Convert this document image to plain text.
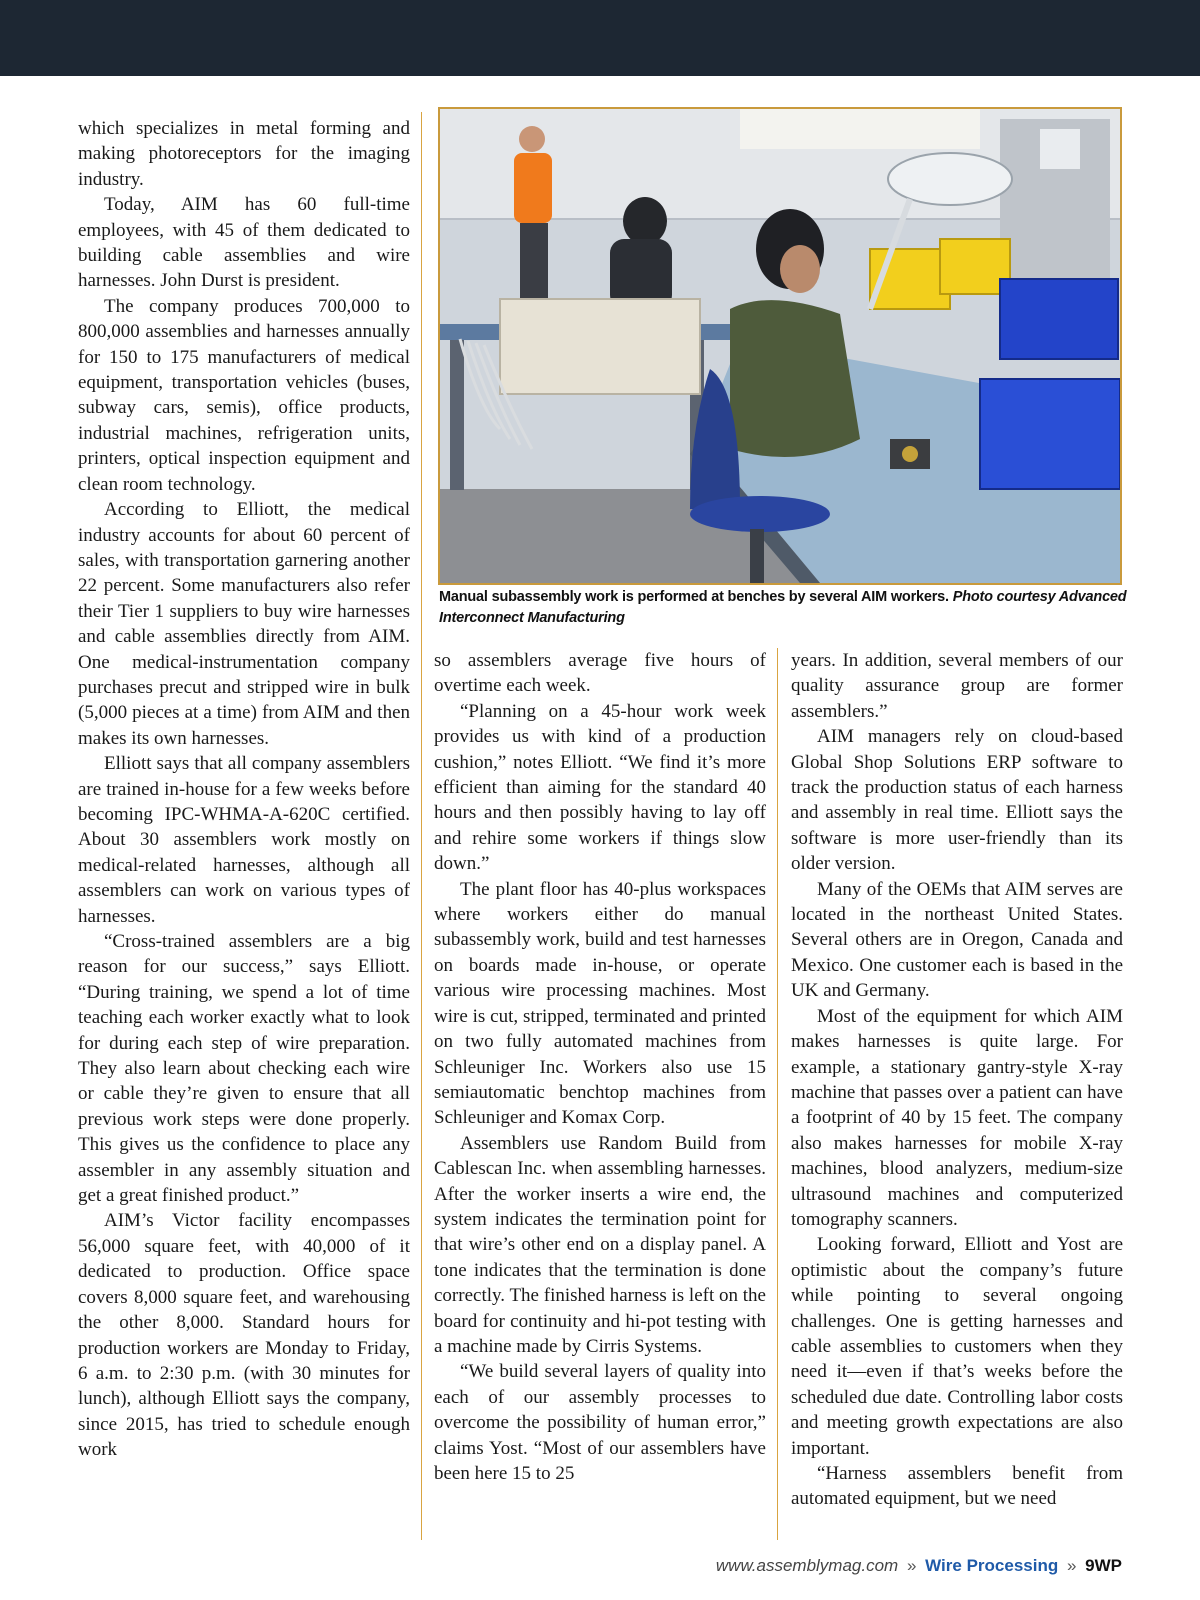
which specializes in metal forming and making photoreceptors for the imaging industry.

Today, AIM has 60 full-time employees, with 45 of them dedicated to building cable assemblies and wire harnesses. John Durst is president.

The company produces 700,000 to 800,000 assemblies and harnesses annually for 150 to 175 manufacturers of medical equipment, transportation vehicles (buses, subway cars, semis), office products, industrial machines, refrigeration units, printers, optical inspection equipment and clean room technology.

According to Elliott, the medical industry accounts for about 60 percent of sales, with transportation garnering another 22 percent. Some manufacturers also refer their Tier 1 suppliers to buy wire harnesses and cable assemblies directly from AIM. One medical-instrumentation company purchases precut and stripped wire in bulk (5,000 pieces at a time) from AIM and then makes its own harnesses.

Elliott says that all company assemblers are trained in-house for a few weeks before becoming IPC-WHMA-A-620C certified. About 30 assemblers work mostly on medical-related harnesses, although all assemblers can work on various types of harnesses.

“Cross-trained assemblers are a big reason for our success,” says Elliott. “During training, we spend a lot of time teaching each worker exactly what to look for during each step of wire preparation. They also learn about checking each wire or cable they’re given to ensure that all previous work steps were done properly. This gives us the confidence to place any assembler in any assembly situation and get a great finished product.”

AIM’s Victor facility encompasses 56,000 square feet, with 40,000 of it dedicated to production. Office space covers 8,000 square feet, and warehousing the other 8,000. Standard hours for production workers are Monday to Friday, 6 a.m. to 2:30 p.m. (with 30 minutes for lunch), although Elliott says the company, since 2015, has tried to schedule enough work

Manual subassembly work is performed at benches by several AIM workers. Photo courtesy Advanced Interconnect Manufacturing

so assemblers average five hours of overtime each week.

“Planning on a 45-hour work week provides us with kind of a production cushion,” notes Elliott. “We find it’s more efficient than aiming for the standard 40 hours and then possibly having to lay off and rehire some workers if things slow down.”

The plant floor has 40-plus workspaces where workers either do manual subassembly work, build and test harnesses on boards made in-house, or operate various wire processing machines. Most wire is cut, stripped, terminated and printed on two fully automated machines from Schleuniger Inc. Workers also use 15 semiautomatic benchtop machines from Schleuniger and Komax Corp.

Assemblers use Random Build from Cablescan Inc. when assembling harnesses. After the worker inserts a wire end, the system indicates the termination point for that wire’s other end on a display panel. A tone indicates that the termination is done correctly. The finished harness is left on the board for continuity and hi-pot testing with a machine made by Cirris Systems.

“We build several layers of quality into each of our assembly processes to overcome the possibility of human error,” claims Yost. “Most of our assemblers have been here 15 to 25

years. In addition, several members of our quality assurance group are former assemblers.”

AIM managers rely on cloud-based Global Shop Solutions ERP software to track the production status of each harness and assembly in real time. Elliott says the software is more user-friendly than its older version.

Many of the OEMs that AIM serves are located in the northeast United States. Several others are in Oregon, Canada and Mexico. One customer each is based in the UK and Germany.

Most of the equipment for which AIM makes harnesses is quite large. For example, a stationary gantry-style X-ray machine that passes over a patient can have a footprint of 40 by 15 feet. The company also makes harnesses for mobile X-ray machines, blood analyzers, medium-size ultrasound machines and computerized tomography scanners.

Looking forward, Elliott and Yost are optimistic about the company’s future while pointing to several ongoing challenges. One is getting harnesses and cable assemblies to customers when they need it—even if that’s weeks before the scheduled due date. Controlling labor costs and meeting growth expectations are also important.

“Harness assemblers benefit from automated equipment, but we need

www.assemblymag.com » Wire Processing » 9WP
